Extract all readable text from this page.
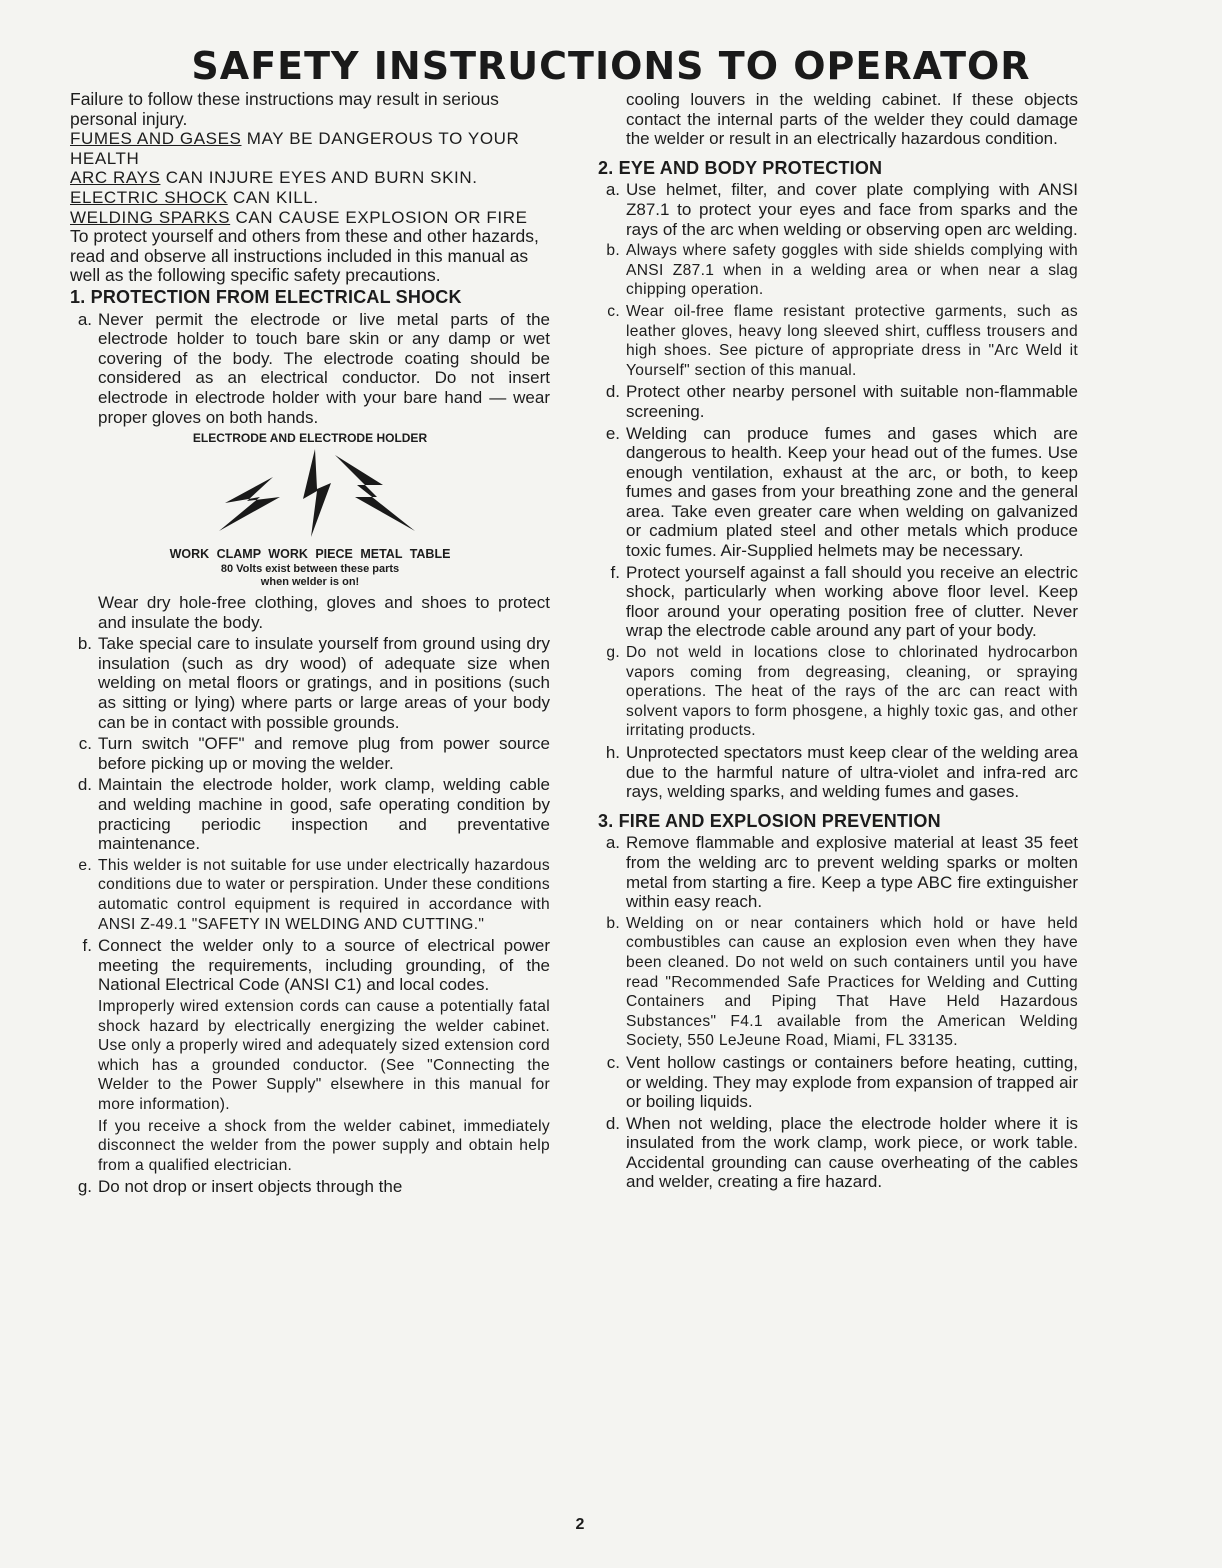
SAFETY INSTRUCTIONS TO OPERATOR

Failure to follow these instructions may result in serious personal injury.

FUMES AND GASES MAY BE DANGEROUS TO YOUR HEALTH

ARC RAYS CAN INJURE EYES AND BURN SKIN.

ELECTRIC SHOCK CAN KILL.

WELDING SPARKS CAN CAUSE EXPLOSION OR FIRE

To protect yourself and others from these and other hazards, read and observe all instructions included in this manual as well as the following specific safety precautions.

1. PROTECTION FROM ELECTRICAL SHOCK
a. Never permit the electrode or live metal parts of the electrode holder to touch bare skin or any damp or wet covering of the body. The electrode coating should be considered as an electrical conductor. Do not insert electrode in electrode holder with your bare hand — wear proper gloves on both hands.
ELECTRODE AND ELECTRODE HOLDER
WORK CLAMP WORK PIECE METAL TABLE
80 Volts exist between these parts
when welder is on!

Wear dry hole-free clothing, gloves and shoes to protect and insulate the body.

b. Take special care to insulate yourself from ground using dry insulation (such as dry wood) of adequate size when welding on metal floors or gratings, and in positions (such as sitting or lying) where parts or large areas of your body can be in contact with possible grounds.
c. Turn switch "OFF" and remove plug from power source before picking up or moving the welder.
d. Maintain the electrode holder, work clamp, welding cable and welding machine in good, safe operating condition by practicing periodic inspection and preventative maintenance.
e. This welder is not suitable for use under electrically hazardous conditions due to water or perspiration. Under these conditions automatic control equipment is required in accordance with ANSI Z-49.1 "SAFETY IN WELDING AND CUTTING."
f. Connect the welder only to a source of electrical power meeting the requirements, including grounding, of the National Electrical Code (ANSI C1) and local codes.

Improperly wired extension cords can cause a potentially fatal shock hazard by electrically energizing the welder cabinet. Use only a properly wired and adequately sized extension cord which has a grounded conductor. (See "Connecting the Welder to the Power Supply" elsewhere in this manual for more information).

If you receive a shock from the welder cabinet, immediately disconnect the welder from the power supply and obtain help from a qualified electrician.

g. Do not drop or insert objects through the

cooling louvers in the welding cabinet. If these objects contact the internal parts of the welder they could damage the welder or result in an electrically hazardous condition.

2. EYE AND BODY PROTECTION
a. Use helmet, filter, and cover plate complying with ANSI Z87.1 to protect your eyes and face from sparks and the rays of the arc when welding or observing open arc welding.
b. Always where safety goggles with side shields complying with ANSI Z87.1 when in a welding area or when near a slag chipping operation.
c. Wear oil-free flame resistant protective garments, such as leather gloves, heavy long sleeved shirt, cuffless trousers and high shoes. See picture of appropriate dress in "Arc Weld it Yourself" section of this manual.
d. Protect other nearby personel with suitable non-flammable screening.
e. Welding can produce fumes and gases which are dangerous to health. Keep your head out of the fumes. Use enough ventilation, exhaust at the arc, or both, to keep fumes and gases from your breathing zone and the general area. Take even greater care when welding on galvanized or cadmium plated steel and other metals which produce toxic fumes. Air-Supplied helmets may be necessary.
f. Protect yourself against a fall should you receive an electric shock, particularly when working above floor level. Keep floor around your operating position free of clutter. Never wrap the electrode cable around any part of your body.
g. Do not weld in locations close to chlorinated hydrocarbon vapors coming from degreasing, cleaning, or spraying operations. The heat of the rays of the arc can react with solvent vapors to form phosgene, a highly toxic gas, and other irritating products.
h. Unprotected spectators must keep clear of the welding area due to the harmful nature of ultra-violet and infra-red arc rays, welding sparks, and welding fumes and gases.
3. FIRE AND EXPLOSION PREVENTION
a. Remove flammable and explosive material at least 35 feet from the welding arc to prevent welding sparks or molten metal from starting a fire. Keep a type ABC fire extinguisher within easy reach.
b. Welding on or near containers which hold or have held combustibles can cause an explosion even when they have been cleaned. Do not weld on such containers until you have read "Recommended Safe Practices for Welding and Cutting Containers and Piping That Have Held Hazardous Substances" F4.1 available from the American Welding Society, 550 LeJeune Road, Miami, FL 33135.
c. Vent hollow castings or containers before heating, cutting, or welding. They may explode from expansion of trapped air or boiling liquids.
d. When not welding, place the electrode holder where it is insulated from the work clamp, work piece, or work table. Accidental grounding can cause overheating of the cables and welder, creating a fire hazard.
2
